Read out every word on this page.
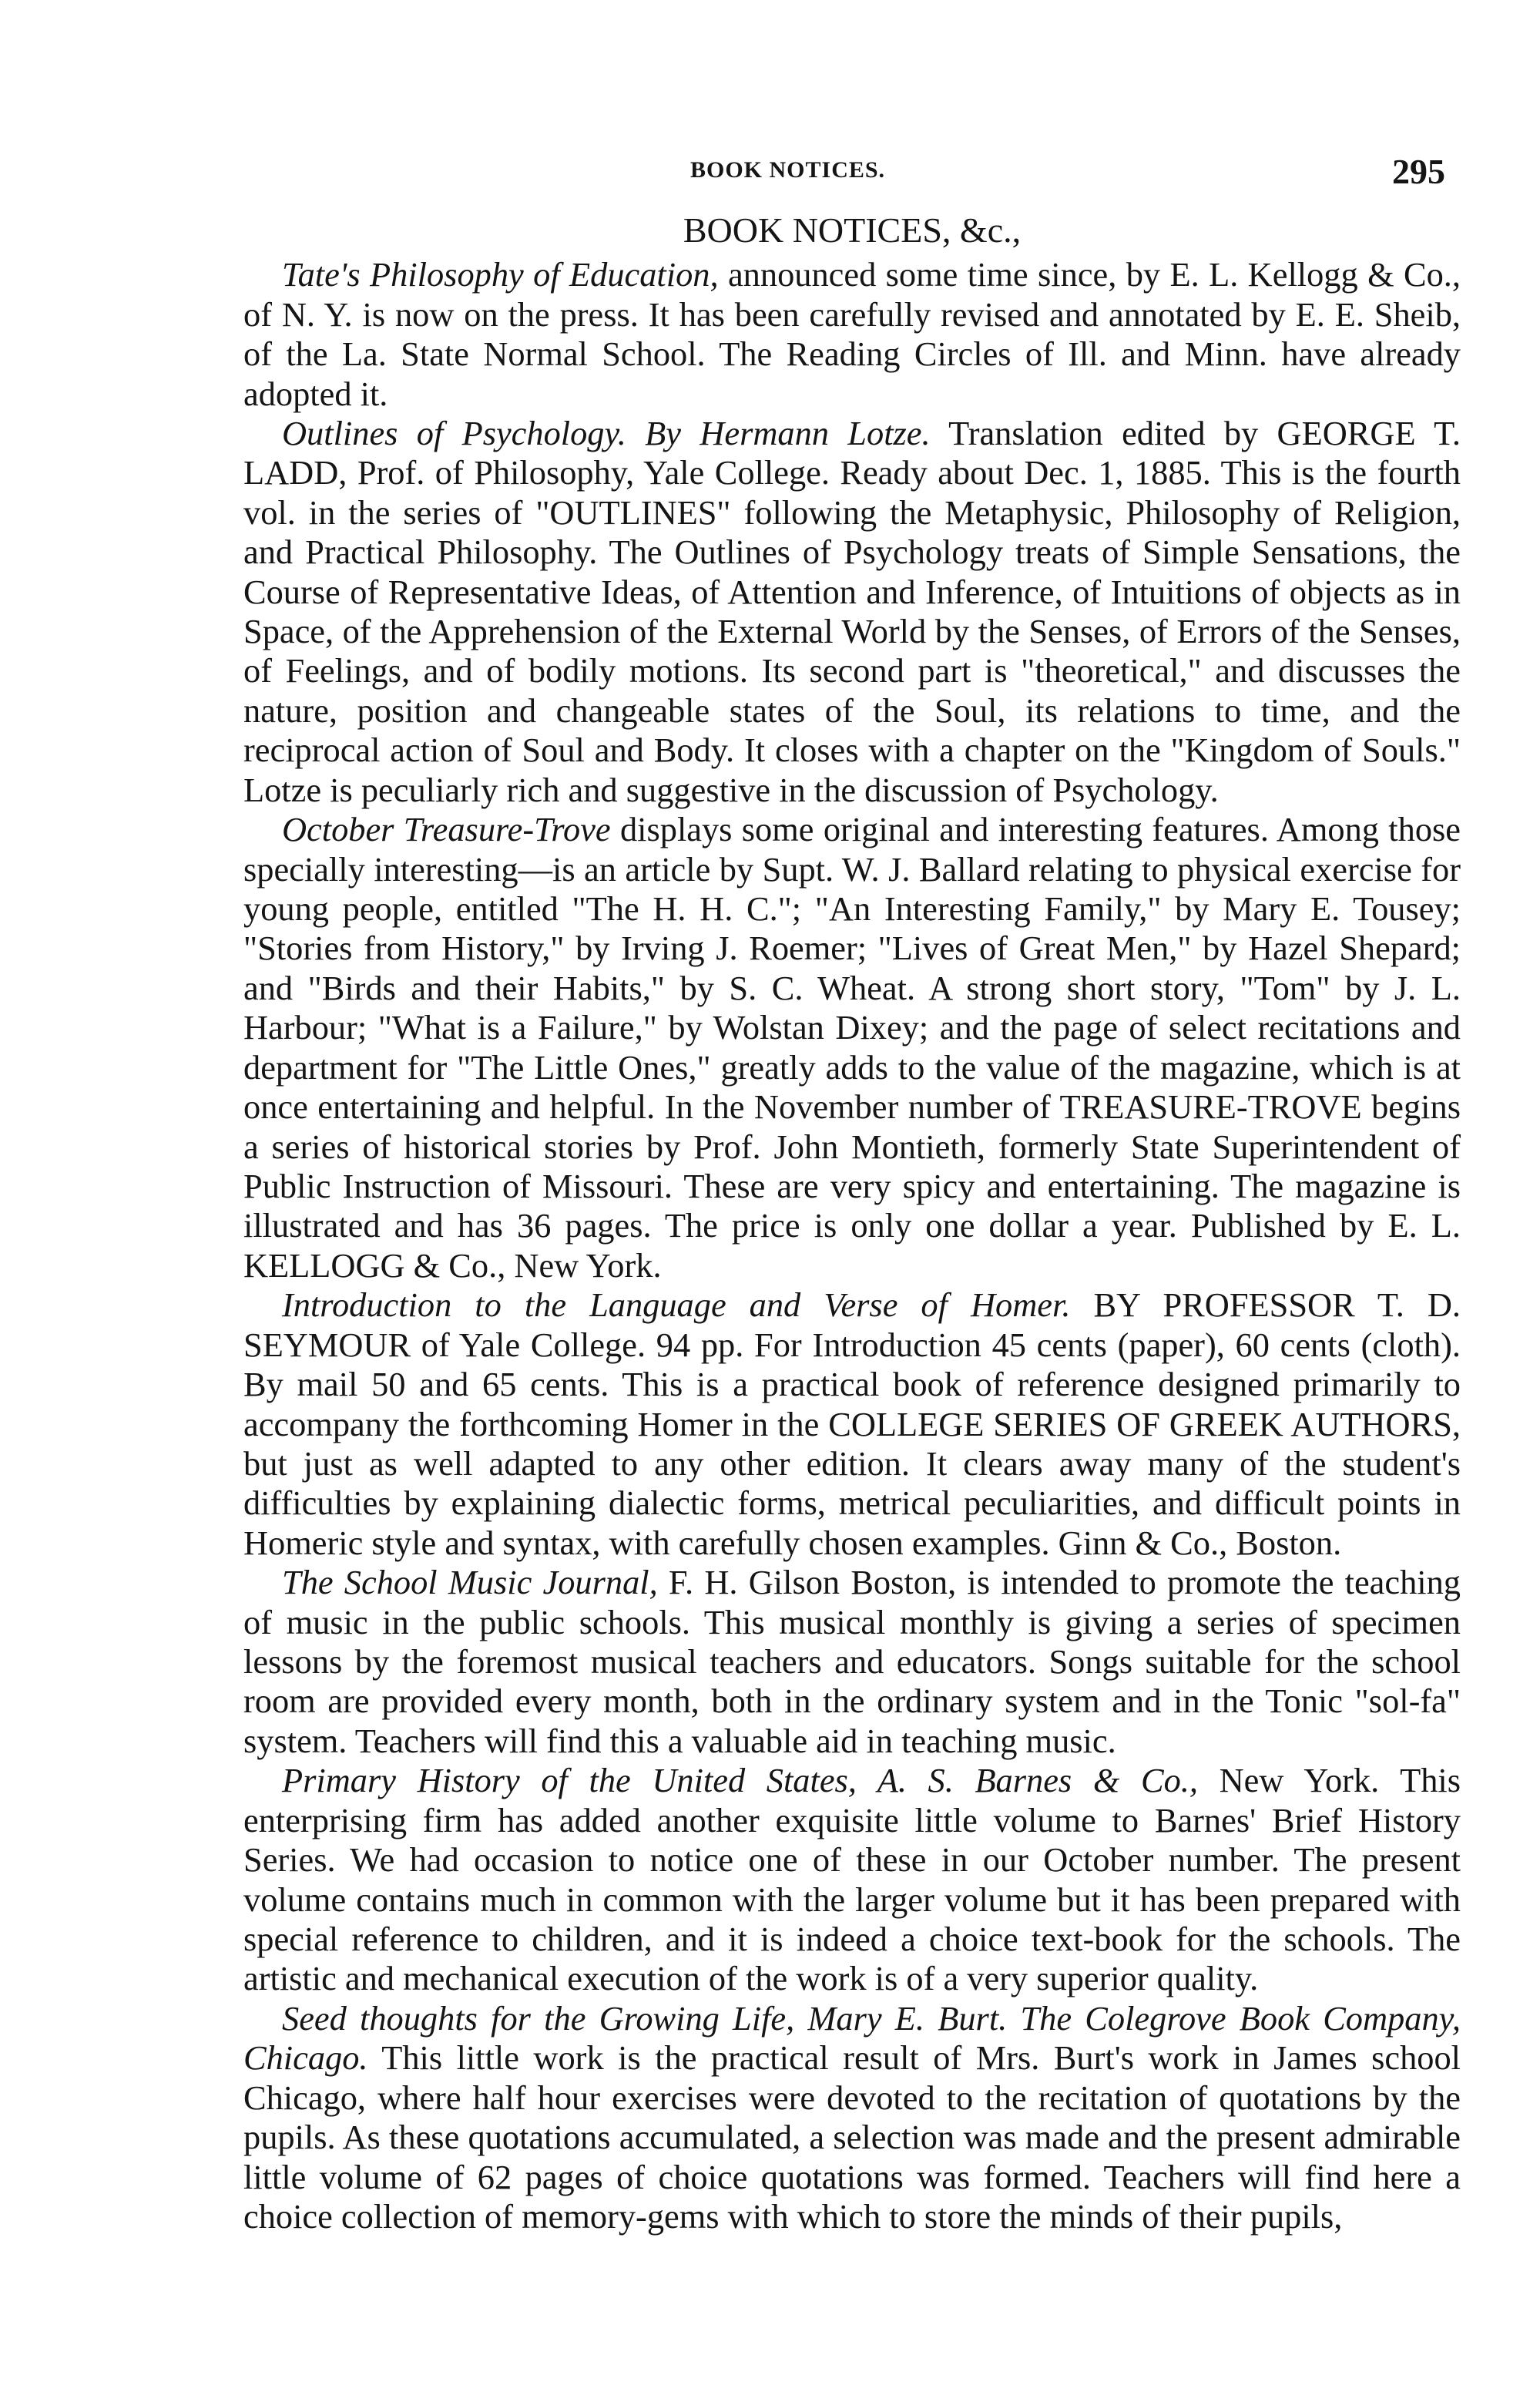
BOOK NOTICES.	295
BOOK NOTICES, &c.,

Tate's Philosophy of Education, announced some time since, by E. L. Kellogg & Co., of N. Y. is now on the press. It has been carefully revised and annotated by E. E. Sheib, of the La. State Normal School. The Reading Circles of Ill. and Minn. have already adopted it.

Outlines of Psychology. By Hermann Lotze. Translation edited by GEORGE T. LADD, Prof. of Philosophy, Yale College. Ready about Dec. 1, 1885. This is the fourth vol. in the series of "OUTLINES" following the Metaphysic, Philosophy of Religion, and Practical Philosophy. The Outlines of Psychology treats of Simple Sensations, the Course of Representative Ideas, of Attention and Inference, of Intuitions of objects as in Space, of the Apprehension of the External World by the Senses, of Errors of the Senses, of Feelings, and of bodily motions. Its second part is "theoretical," and discusses the nature, position and changeable states of the Soul, its relations to time, and the reciprocal action of Soul and Body. It closes with a chapter on the "Kingdom of Souls." Lotze is peculiarly rich and suggestive in the discussion of Psychology.

October Treasure-Trove displays some original and interesting features. Among those specially interesting—is an article by Supt. W. J. Ballard relating to physical exercise for young people, entitled "The H. H. C."; "An Interesting Family," by Mary E. Tousey; "Stories from History," by Irving J. Roemer; "Lives of Great Men," by Hazel Shepard; and "Birds and their Habits," by S. C. Wheat. A strong short story, "Tom" by J. L. Harbour; "What is a Failure," by Wolstan Dixey; and the page of select recitations and department for "The Little Ones," greatly adds to the value of the magazine, which is at once entertaining and helpful. In the November number of TREASURE-TROVE begins a series of historical stories by Prof. John Montieth, formerly State Superintendent of Public Instruction of Missouri. These are very spicy and entertaining. The magazine is illustrated and has 36 pages. The price is only one dollar a year. Published by E. L. KELLOGG & Co., New York.

Introduction to the Language and Verse of Homer. BY PROFESSOR T. D. SEYMOUR of Yale College. 94 pp. For Introduction 45 cents (paper), 60 cents (cloth). By mail 50 and 65 cents. This is a practical book of reference designed primarily to accompany the forthcoming Homer in the COLLEGE SERIES OF GREEK AUTHORS, but just as well adapted to any other edition. It clears away many of the student's difficulties by explaining dialectic forms, metrical peculiarities, and difficult points in Homeric style and syntax, with carefully chosen examples. Ginn & Co., Boston.

The School Music Journal, F. H. Gilson Boston, is intended to promote the teaching of music in the public schools. This musical monthly is giving a series of specimen lessons by the foremost musical teachers and educators. Songs suitable for the school room are provided every month, both in the ordinary system and in the Tonic "sol-fa" system. Teachers will find this a valuable aid in teaching music.

Primary History of the United States, A. S. Barnes & Co., New York. This enterprising firm has added another exquisite little volume to Barnes' Brief History Series. We had occasion to notice one of these in our October number. The present volume contains much in common with the larger volume but it has been prepared with special reference to children, and it is indeed a choice text-book for the schools. The artistic and mechanical execution of the work is of a very superior quality.

Seed thoughts for the Growing Life, Mary E. Burt. The Colegrove Book Company, Chicago. This little work is the practical result of Mrs. Burt's work in James school Chicago, where half hour exercises were devoted to the recitation of quotations by the pupils. As these quotations accumulated, a selection was made and the present admirable little volume of 62 pages of choice quotations was formed. Teachers will find here a choice collection of memory-gems with which to store the minds of their pupils,
